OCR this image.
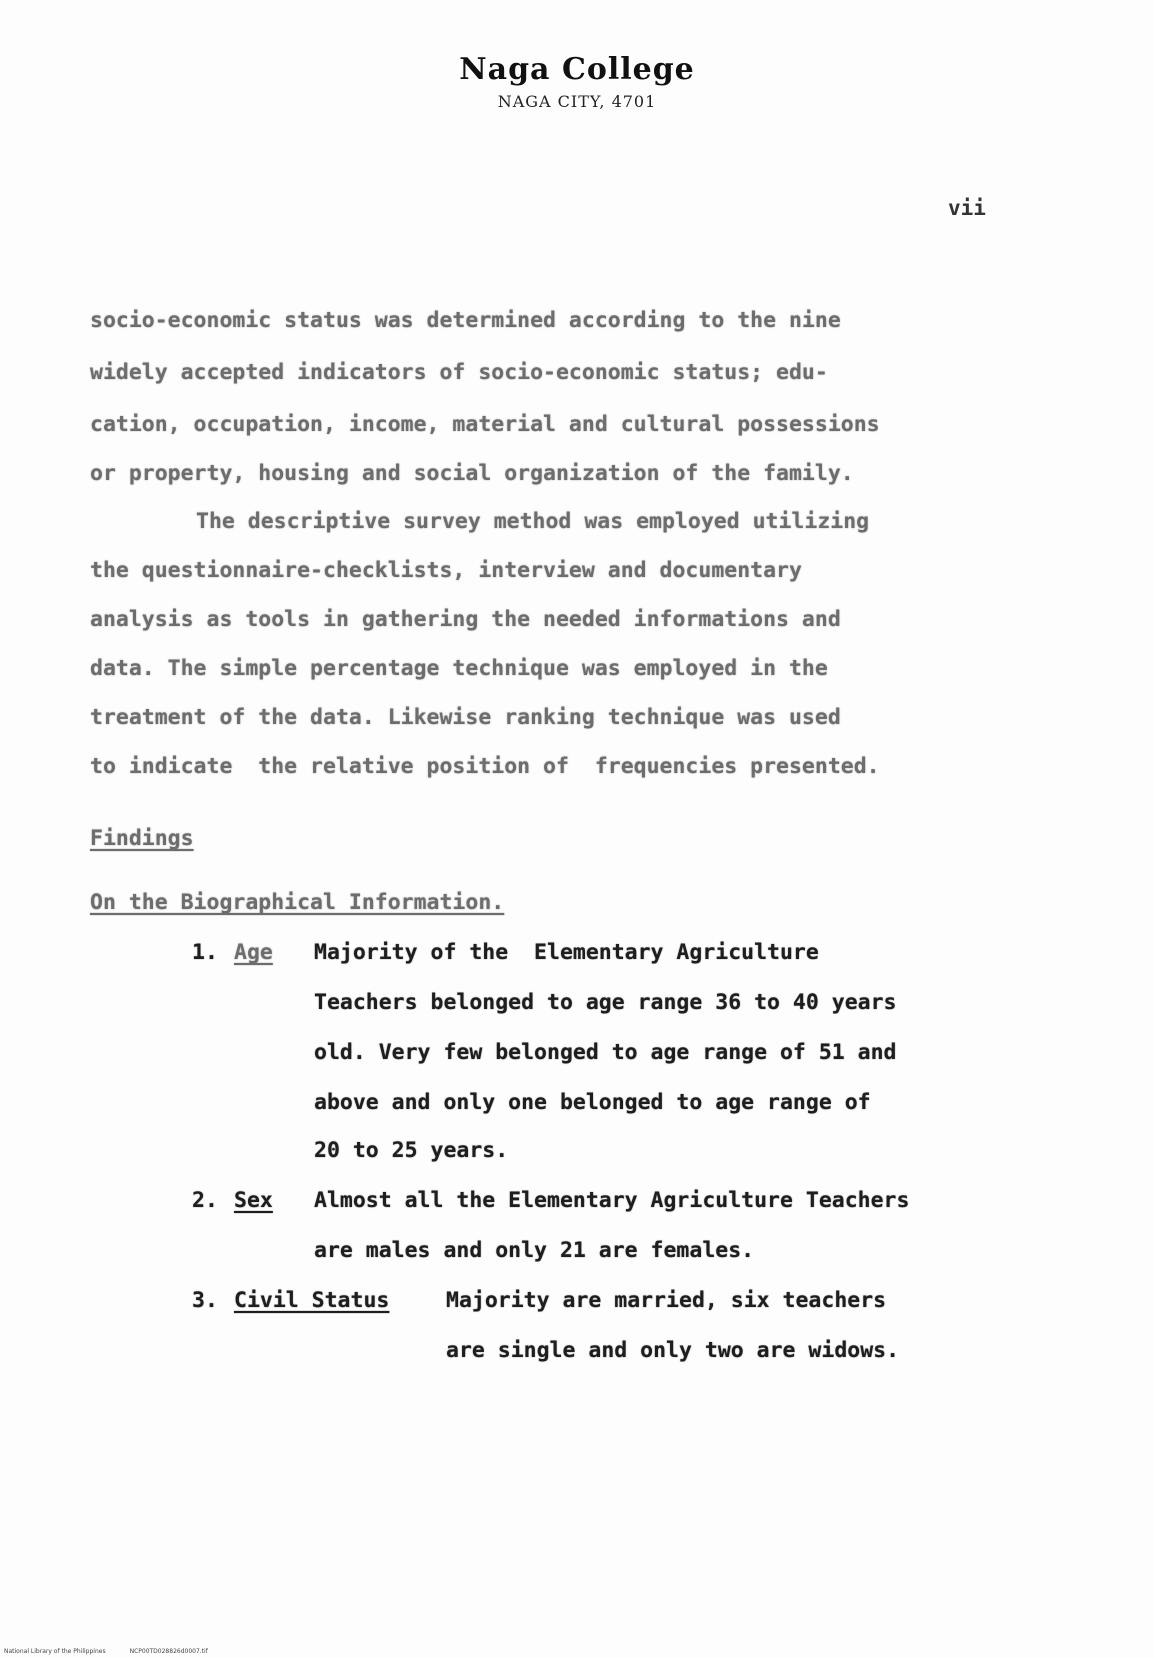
Naga College
NAGA CITY, 4701
vii
socio-economic status was determined according to the nine
widely accepted indicators of socio-economic status; edu-
cation, occupation, income, material and cultural possessions
or property, housing and social organization of the family.
The descriptive survey method was employed utilizing
the questionnaire-checklists, interview and documentary
analysis as tools in gathering the needed informations and
data. The simple percentage technique was employed in the
treatment of the data. Likewise ranking technique was used
to indicate  the relative position of  frequencies presented.
Findings
On the Biographical Information.
1. Age Majority of the  Elementary Agriculture
Teachers belonged to age range 36 to 40 years
old. Very few belonged to age range of 51 and
above and only one belonged to age range of
20 to 25 years.
2. Sex Almost all the Elementary Agriculture Teachers
are males and only 21 are females.
3. Civil Status	Majority are married, six teachers
are single and only two are widows.
National Library of the Philippines	NCP00TD028826d0007.tif
